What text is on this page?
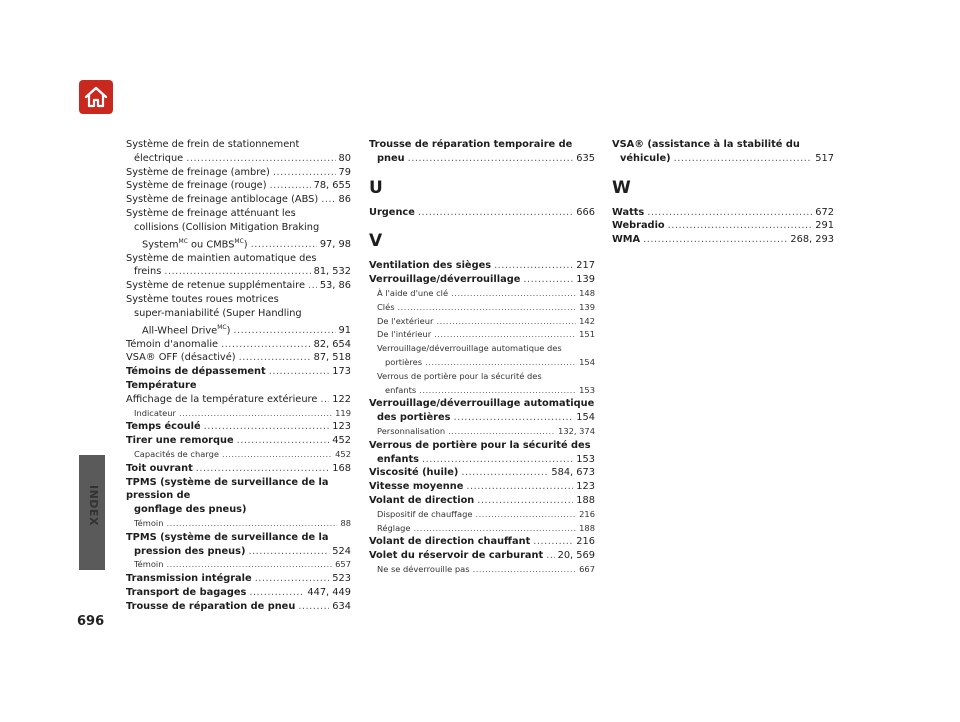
INDEX
696
Système de frein de stationnement
électrique .....	80
Système de freinage (ambre) .....	79
Système de freinage (rouge) .....	78, 655
Système de freinage antiblocage (ABS) ..... 86
Système de freinage atténuant les
collisions (Collision Mitigation Braking
System$^{MC}$ ou $CMBS^{MC}$) .....	97, 98
Système de maintien automatique des
freins .....	81, 532
Système de retenue supplémentaire ..... 53, 86
Système toutes roues motrices
super-maniabilité (Super Handling
All-Wheel Drive$^{MC}$) .....	91
Témoin d'anomalie .....	82, 654
VSA® OFF (désactivé) .....	87, 518
Témoins de dépassement .....	173
Température
Affichage de la température extérieure ..... 122
Indicateur .....	119
Temps écoulé .....	123
Tirer une remorque .....	452
Capacités de charge .....	452
Toit ouvrant .....	168
TPMS (système de surveillance de la pression de
gonflage des pneus)
Témoin .....	88
TPMS (système de surveillance de la
pression des pneus) .....	524
Témoin .....	657
Transmission intégrale .....	523
Transport de bagages .....	447, 449
Trousse de réparation de pneu .....	634
Trousse de réparation temporaire de
pneu .....	635
U
Urgence .....	666
V
Ventilation des sièges .....	217
Verrouillage/déverrouillage .....	139
À l'aide d'une clé .....	148
Clés .....	139
De l'extérieur .....	142
De l'intérieur .....	151
Verrouillage/déverrouillage automatique des
portières .....	154
Verrous de portière pour la sécurité des
enfants .....	153
Verrouillage/déverrouillage automatique
des portières .....	154
Personnalisation .....	132, 374
Verrous de portière pour la sécurité des
enfants .....	153
Viscosité (huile) .....	584, 673
Vitesse moyenne .....	123
Volant de direction .....	188
Dispositif de chauffage .....	216
Réglage .....	188
Volant de direction chauffant .....	216
Volet du réservoir de carburant ..... 20, 569
Ne se déverrouille pas .....	667
VSA® (assistance à la stabilité du
véhicule) .....	517
W
Watts .....	672
Webradio .....	291
WMA .....	268, 293
